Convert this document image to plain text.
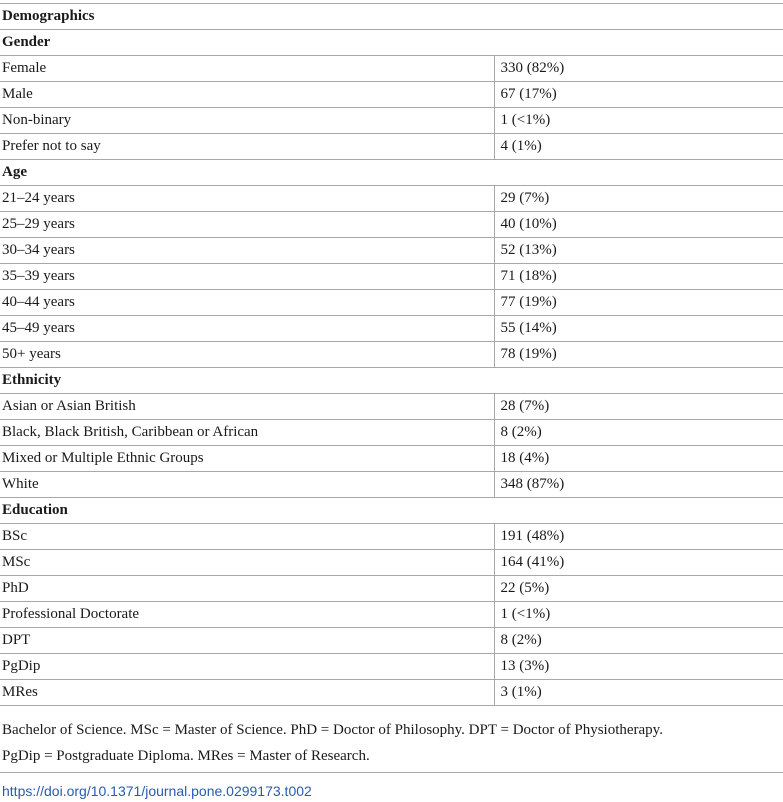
Demographics	
Gender	
Female	330 (82%)
Male	67 (17%)
Non-binary	1 (<1%)
Prefer not to say	4 (1%)
Age	
21–24 years	29 (7%)
25–29 years	40 (10%)
30–34 years	52 (13%)
35–39 years	71 (18%)
40–44 years	77 (19%)
45–49 years	55 (14%)
50+ years	78 (19%)
Ethnicity	
Asian or Asian British	28 (7%)
Black, Black British, Caribbean or African	8 (2%)
Mixed or Multiple Ethnic Groups	18 (4%)
White	348 (87%)
Education	
BSc	191 (48%)
MSc	164 (41%)
PhD	22 (5%)
Professional Doctorate	1 (<1%)
DPT	8 (2%)
PgDip	13 (3%)
MRes	3 (1%)
Bachelor of Science. MSc = Master of Science. PhD = Doctor of Philosophy. DPT = Doctor of Physiotherapy.
PgDip = Postgraduate Diploma. MRes = Master of Research.
https://doi.org/10.1371/journal.pone.0299173.t002
